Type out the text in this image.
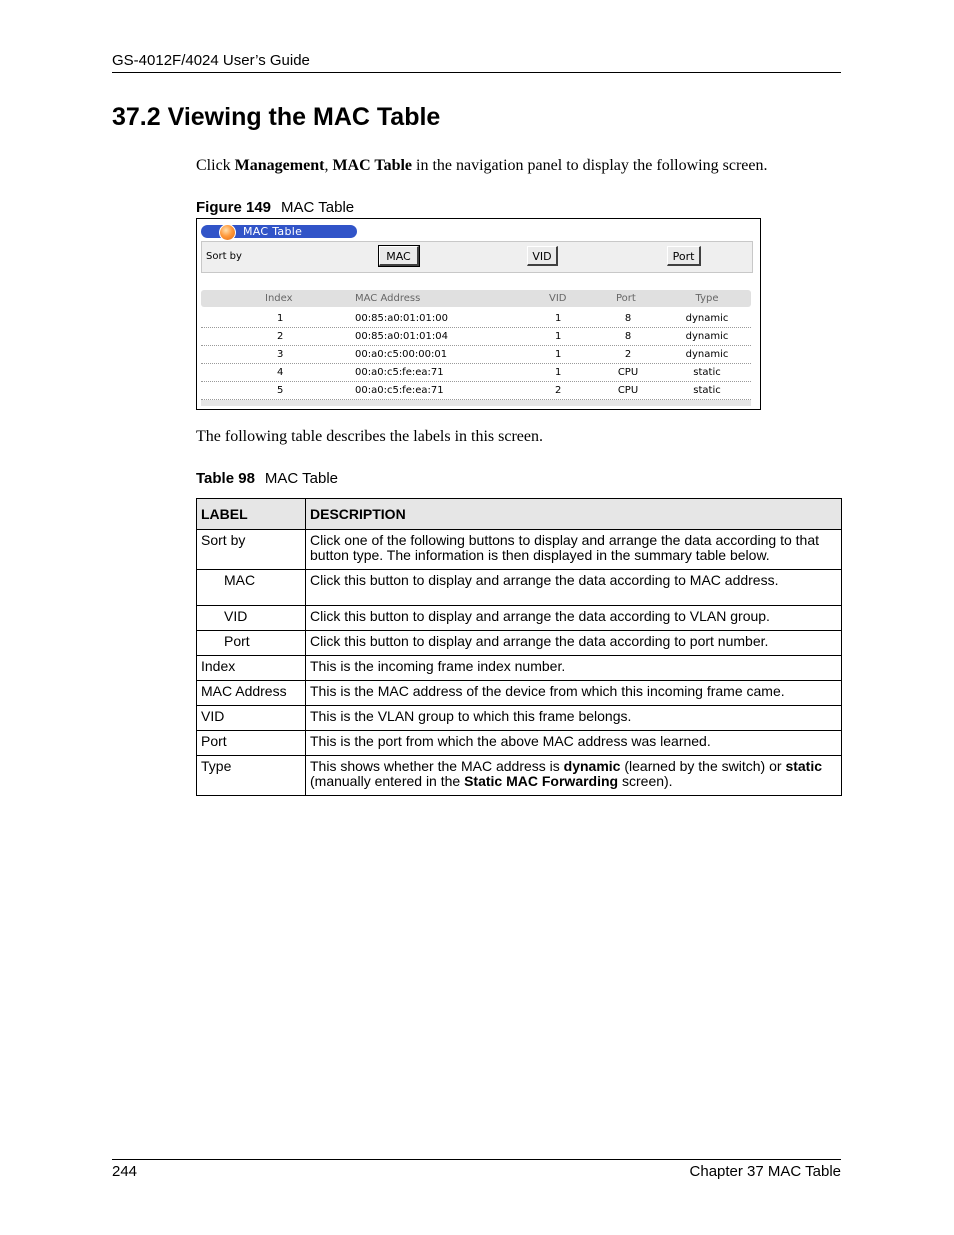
GS-4012F/4024 User’s Guide
37.2 Viewing the MAC Table

Click Management, MAC Table in the navigation panel to display the following screen.

Figure 149 MAC Table

MAC Table
Sort by	MAC	VID	Port
Index	MAC Address	VID	Port	Type
1	00:85:a0:01:01:00	1	8	dynamic
2	00:85:a0:01:01:04	1	8	dynamic
3	00:a0:c5:00:00:01	1	2	dynamic
4	00:a0:c5:fe:ea:71	1	CPU	static
5	00:a0:c5:fe:ea:71	2	CPU	static

The following table describes the labels in this screen.

Table 98 MAC Table

LABEL	DESCRIPTION
Sort by	Click one of the following buttons to display and arrange the data according to that button type. The information is then displayed in the summary table below.
MAC	Click this button to display and arrange the data according to MAC address.
VID	Click this button to display and arrange the data according to VLAN group.
Port	Click this button to display and arrange the data according to port number.
Index	This is the incoming frame index number.
MAC Address	This is the MAC address of the device from which this incoming frame came.
VID	This is the VLAN group to which this frame belongs.
Port	This is the port from which the above MAC address was learned.
Type	This shows whether the MAC address is dynamic (learned by the switch) or static (manually entered in the Static MAC Forwarding screen).
244	Chapter 37 MAC Table
